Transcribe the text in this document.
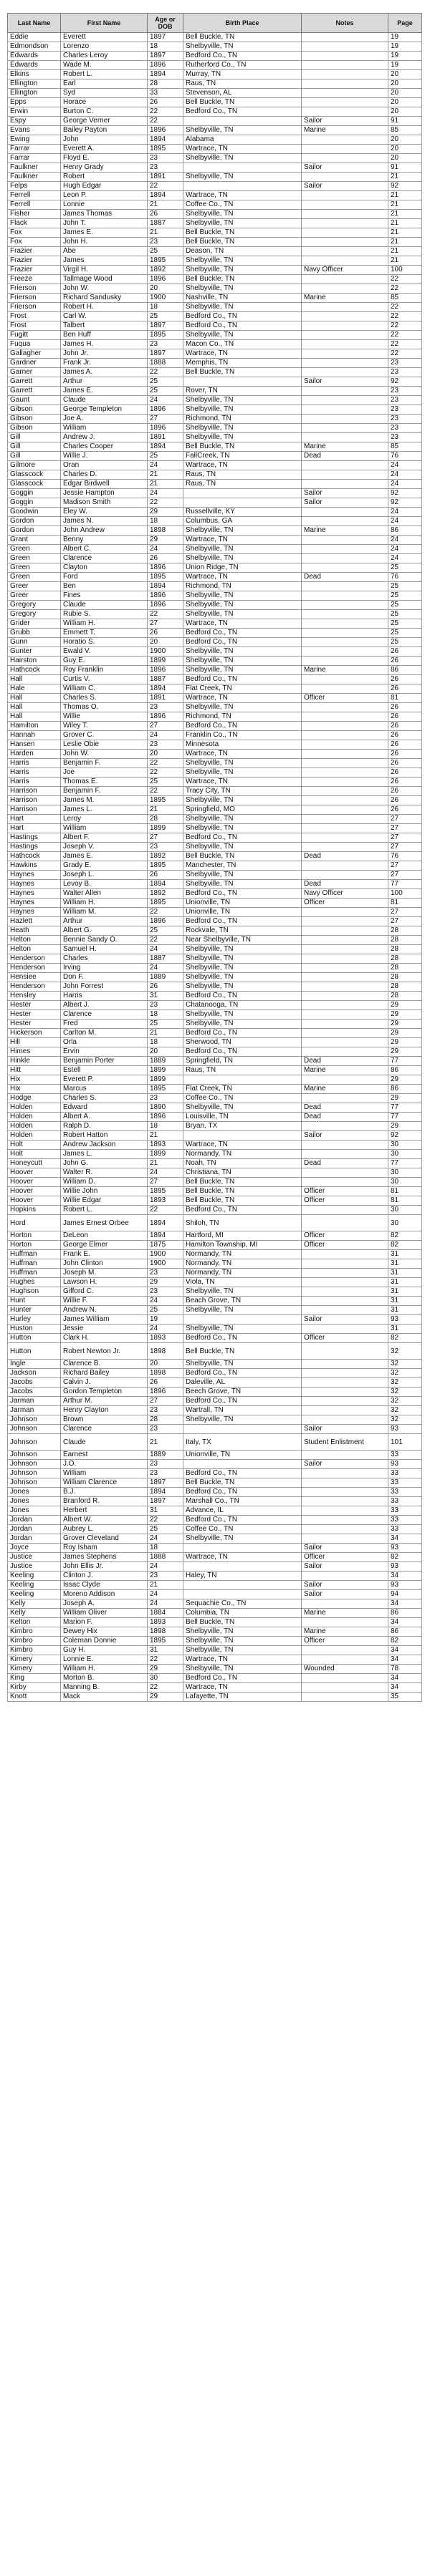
Last Name	First Name	Age or DOB	Birth Place	Notes	Page
Eddie	Everett	1897	Bell Buckle, TN		19
Edmondson	Lorenzo	18	Shelbyville, TN		19
Edwards	Charles Leroy	1897	Bedford Co., TN		19
Edwards	Wade M.	1896	Rutherford Co., TN		19
Elkins	Robert L.	1894	Murray, TN		20
Ellington	Earl	28	Raus, TN		20
Ellington	Syd	33	Stevenson, AL		20
Epps	Horace	26	Bell Buckle, TN		20
Erwin	Burton C.	22	Bedford Co., TN		20
Espy	George Verner	22		Sailor	91
Evans	Bailey Payton	1896	Shelbyville, TN	Marine	85
Ewing	John	1894	Alabama		20
Farrar	Everett A.	1895	Wartrace, TN		20
Farrar	Floyd E.	23	Shelbyville, TN		20
Faulkner	Henry Grady	23		Sailor	91
Faulkner	Robert	1891	Shelbyville, TN		21
Felps	Hugh Edgar	22		Sailor	92
Ferrell	Leon P.	1894	Wartrace, TN		21
Ferrell	Lonnie	21	Coffee Co., TN		21
Fisher	James Thomas	26	Shelbyville, TN		21
Flack	John T.	1887	Shelbyville, TN		21
Fox	James E.	21	Bell Buckle, TN		21
Fox	John H.	23	Bell Buckle, TN		21
Frazier	Abe	25	Deason, TN		21
Frazier	James	1895	Shelbyville, TN		21
Frazier	Virgil H.	1892	Shelbyville, TN	Navy Officer	100
Freeze	Tallmage Wood	1896	Bell Buckle, TN		22
Frierson	John W.	20	Shelbyville, TN		22
Frierson	Richard Sandusky	1900	Nashville, TN	Marine	85
Frierson	Robert H.	18	Shelbyville, TN		22
Frost	Carl W.	25	Bedford Co., TN		22
Frost	Talbert	1897	Bedford Co., TN		22
Fugitt	Ben Huff	1895	Shelbyville, TN		22
Fuqua	James H.	23	Macon Co., TN		22
Gallagher	John Jr.	1897	Wartrace, TN		22
Gardner	Frank Jr.	1888	Memphis, TN		23
Garner	James A.	22	Bell Buckle, TN		23
Garrett	Arthur	25		Sailor	92
Garrett	James E.	25	Rover, TN		23
Gaunt	Claude	24	Shelbyville, TN		23
Gibson	George Templeton	1896	Shelbyville, TN		23
Gibson	Joe A.	27	Richmond, TN		23
Gibson	William	1896	Shelbyville, TN		23
Gill	Andrew J.	1891	Shelbyville, TN		23
Gill	Charles Cooper	1894	Bell Buckle, TN	Marine	85
Gill	Willie J.	25	FallCreek, TN	Dead	76
Gilmore	Oran	24	Wartrace, TN		24
Glasscock	Charles D.	21	Raus, TN		24
Glasscock	Edgar Birdwell	21	Raus, TN		24
Goggin	Jessie Hampton	24		Sailor	92
Goggin	Madison Smith	22		Sailor	92
Goodwin	Eley W.	29	Russellville, KY		24
Gordon	James N.	18	Columbus, GA		24
Gordon	John Andrew	1898	Shelbyville, TN	Marine	86
Grant	Benny	29	Wartrace, TN		24
Green	Albert C.	24	Shelbyville, TN		24
Green	Clarence	26	Shelbyville, TN		24
Green	Clayton	1896	Union Ridge, TN		25
Green	Ford	1895	Wartrace, TN	Dead	76
Greer	Ben	1894	Richmond, TN		25
Greer	Fines	1896	Shelbyville, TN		25
Gregory	Claude	1896	Shelbyville, TN		25
Gregory	Rubie S.	22	Shelbyville, TN		25
Grider	William H.	27	Wartrace, TN		25
Grubb	Emmett T.	26	Bedford Co., TN		25
Gunn	Horatio S.	20	Bedford Co., TN		25
Gunter	Ewald V.	1900	Shelbyville, TN		26
Hairston	Guy E.	1899	Shelbyville, TN		26
Hathcock	Roy Franklin	1896	Shelbyville, TN	Marine	86
Hall	Curtis V.	1887	Bedford Co., TN		26
Hale	William C.	1894	Flat Creek, TN		26
Hall	Charles S.	1891	Wartrace, TN	Officer	81
Hall	Thomas O.	23	Shelbyville, TN		26
Hall	Willie	1896	Richmond, TN		26
Hamilton	Wiley T.	27	Bedford Co., TN		26
Hannah	Grover C.	24	Franklin Co., TN		26
Hansen	Leslie Obie	23	Minnesota		26
Harden	John W.	20	Wartrace, TN		26
Harris	Benjamin F.	22	Shelbyville, TN		26
Harris	Joe	22	Shelbyville, TN		26
Harris	Thomas E.	25	Wartrace, TN		26
Harrison	Benjamin F.	22	Tracy City, TN		26
Harrison	James M.	1895	Shelbyville, TN		26
Harrison	James L.	21	Springfield, MO		26
Hart	Leroy	28	Shelbyville, TN		27
Hart	William	1899	Shelbyville, TN		27
Hastings	Albert F.	27	Bedford Co., TN		27
Hastings	Joseph V.	23	Shelbyville, TN		27
Hathcock	James E.	1892	Bell Buckle, TN	Dead	76
Hawkins	Grady E.	1895	Manchester, TN		27
Haynes	Joseph L.	26	Shelbyville, TN		27
Haynes	Levoy B.	1894	Shelbyville, TN	Dead	77
Haynes	Walter Allen	1892	Bedford Co., TN	Navy Officer	100
Haynes	William H.	1895	Unionville, TN	Officer	81
Haynes	William M.	22	Unionville, TN		27
Hazlett	Arthur	1896	Bedford Co., TN		27
Heath	Albert G.	25	Rockvale, TN		28
Helton	Bennie Sandy O.	22	Near Shelbyville, TN		28
Helton	Samuel H.	24	Shelbyville, TN		28
Henderson	Charles	1887	Shelbyville, TN		28
Henderson	Irving	24	Shelbyville, TN		28
Hensiee	Don F.	1889	Shelbyville, TN		28
Henderson	John Forrest	26	Shelbyville, TN		28
Hensley	Harris	31	Bedford Co., TN		28
Hester	Albert J.	23	Chatanooga, TN		29
Hester	Clarence	18	Shelbyville, TN		29
Hester	Fred	25	Shelbyville, TN		29
Hickerson	Carlton M.	21	Bedford Co., TN		29
Hill	Orla	18	Sherwood, TN		29
Himes	Ervin	20	Bedford Co., TN		29
Hinkle	Benjamin Porter	1889	Springfield, TN	Dead	77
Hitt	Estell	1899	Raus, TN	Marine	86
Hix	Everett P.	1899			29
Hix	Marcus	1895	Flat Creek, TN	Marine	86
Hodge	Charles S.	23	Coffee Co., TN		29
Holden	Edward	1890	Shelbyville, TN	Dead	77
Holden	Albert A.	1896	Louisville, TN	Dead	77
Holden	Ralph D.	18	Bryan, TX		29
Holden	Robert Hatton	21		Sailor	92
Holt	Andrew Jackson	1893	Wartrace, TN		30
Holt	James L.	1899	Normandy, TN		30
Honeycutt	John G.	21	Noah, TN	Dead	77
Hoover	Walter R.	24	Christiana, TN		30
Hoover	William D.	27	Bell Buckle, TN		30
Hoover	Willie John	1895	Bell Buckle, TN	Officer	81
Hoover	Willie Edgar	1893	Bell Buckle, TN	Officer	81
Hopkins	Robert L.	22	Bedford Co., TN		30
Hord	James Ernest Orbee	1894	Shiloh, TN		30
Horton	DeLeon	1894	Hartford, MI	Officer	82
Horton	George Elmer	1875	Hamilton Township, MI	Officer	82
Huffman	Frank E.	1900	Normandy, TN		31
Huffman	John Clinton	1900	Normandy, TN		31
Huffman	Joseph M.	23	Normandy, TN		31
Hughes	Lawson H.	29	Viola, TN		31
Hughson	Gifford C.	23	Shelbyville, TN		31
Hunt	Willie F.	24	Beach Grove, TN		31
Hunter	Andrew N.	25	Shelbyville, TN		31
Hurley	James William	19		Sailor	93
Huston	Jessie	24	Shelbyville, TN		31
Hutton	Clark H.	1893	Bedford Co., TN	Officer	82
Hutton	Robert Newton Jr.	1898	Bell Buckle, TN		32
Ingle	Clarence B.	20	Shelbyville, TN		32
Jackson	Richard Bailey	1898	Bedford Co., TN		32
Jacobs	Calvin J.	26	Daleville, AL		32
Jacobs	Gordon Templeton	1896	Beech Grove, TN		32
Jarman	Arthur M.	27	Bedford Co., TN		32
Jarman	Henry Clayton	23	Wartrall, TN		32
Johnson	Brown	28	Shelbyville, TN		32
Johnson	Clarence	23		Sailor	93
Johnson	Claude	21	Italy, TX	Student Enlistment	101
Johnson	Earnest	1889	Unionville, TN		33
Johnson	J.O.	23		Sailor	93
Johnson	William	23	Bedford Co., TN		33
Johnson	William Clarence	1897	Bell Buckle, TN		33
Jones	B.J.	1894	Bedford Co., TN		33
Jones	Branford R.	1897	Marshall Co., TN		33
Jones	Herbert	31	Advance, IL		33
Jordan	Albert W.	22	Bedford Co., TN		33
Jordan	Aubrey L.	25	Coffee Co., TN		33
Jordan	Grover Cleveland	24	Shelbyville, TN		34
Joyce	Roy Isham	18		Sailor	93
Justice	James Stephens	1888	Wartrace, TN	Officer	82
Justice	John Ellis Jr.	24		Sailor	93
Keeling	Clinton J.	23	Haley, TN		34
Keeling	Issac Clyde	21		Sailor	93
Keeling	Moreno Addison	24		Sailor	94
Kelly	Joseph A.	24	Sequachie Co., TN		34
Kelly	William Oliver	1884	Columbia, TN	Marine	86
Kelton	Marion F.	1893	Bell Buckle, TN		34
Kimbro	Dewey Hix	1898	Shelbyville, TN	Marine	86
Kimbro	Coleman Donnie	1895	Shelbyville, TN	Officer	82
Kimbro	Guy H.	31	Shelbyville, TN		34
Kimery	Lonnie E.	22	Wartrace, TN		34
Kimery	William H.	29	Shelbyville, TN	Wounded	78
King	Morton B.	30	Bedford Co., TN		34
Kirby	Manning B.	22	Wartrace, TN		34
Knott	Mack	29	Lafayette, TN		35
